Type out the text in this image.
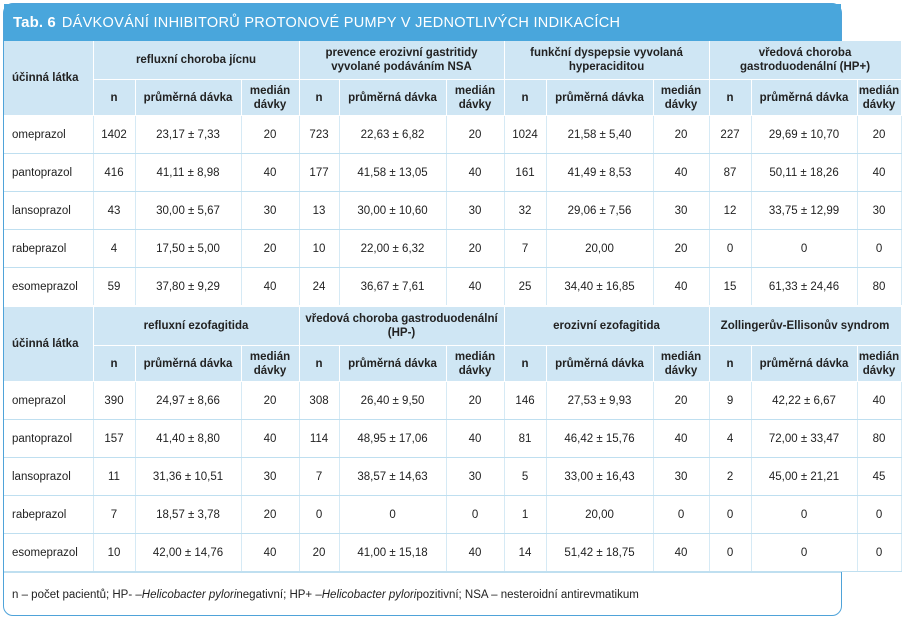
Tab. 6 DÁVKOVÁNÍ INHIBITORŮ PROTONOVÉ PUMPY V JEDNOTLIVÝCH INDIKACÍCH
účinná látka	refluxní choroba jícnu			prevence erozivní gastritidy vyvolané podáváním NSA			funkční dyspepsie vyvolaná hyperaciditou			vředová choroba gastroduodenální (HP+)		
	n	průměrná dávka	medián dávky	n	průměrná dávka	medián dávky	n	průměrná dávka	medián dávky	n	průměrná dávka	medián dávky
omeprazol	1402	23,17 ± 7,33	20	723	22,63 ± 6,82	20	1024	21,58 ± 5,40	20	227	29,69 ± 10,70	20
pantoprazol	416	41,11 ± 8,98	40	177	41,58 ± 13,05	40	161	41,49 ± 8,53	40	87	50,11 ± 18,26	40
lansoprazol	43	30,00 ± 5,67	30	13	30,00 ± 10,60	30	32	29,06 ± 7,56	30	12	33,75 ± 12,99	30
rabeprazol	4	17,50 ± 5,00	20	10	22,00 ± 6,32	20	7	20,00	20	0	0	0
esomeprazol	59	37,80 ± 9,29	40	24	36,67 ± 7,61	40	25	34,40 ± 16,85	40	15	61,33 ± 24,46	80
účinná látka	refluxní ezofagitida			vředová choroba gastroduodenální (HP-)			erozivní ezofagitida			Zollingerův-Ellisonův syndrom		
	n	průměrná dávka	medián dávky	n	průměrná dávka	medián dávky	n	průměrná dávka	medián dávky	n	průměrná dávka	medián dávky
omeprazol	390	24,97 ± 8,66	20	308	26,40 ± 9,50	20	146	27,53 ± 9,93	20	9	42,22 ± 6,67	40
pantoprazol	157	41,40 ± 8,80	40	114	48,95 ± 17,06	40	81	46,42 ± 15,76	40	4	72,00 ± 33,47	80
lansoprazol	11	31,36 ± 10,51	30	7	38,57 ± 14,63	30	5	33,00 ± 16,43	30	2	45,00 ± 21,21	45
rabeprazol	7	18,57 ± 3,78	20	0	0	0	1	20,00	0	0	0	0
esomeprazol	10	42,00 ± 14,76	40	20	41,00 ± 15,18	40	14	51,42 ± 18,75	40	0	0	0
n – počet pacientů; HP- – Helicobacter pylori negativní; HP+ – Helicobacter pylori pozitivní; NSA – nesteroidní antirevmatikum
